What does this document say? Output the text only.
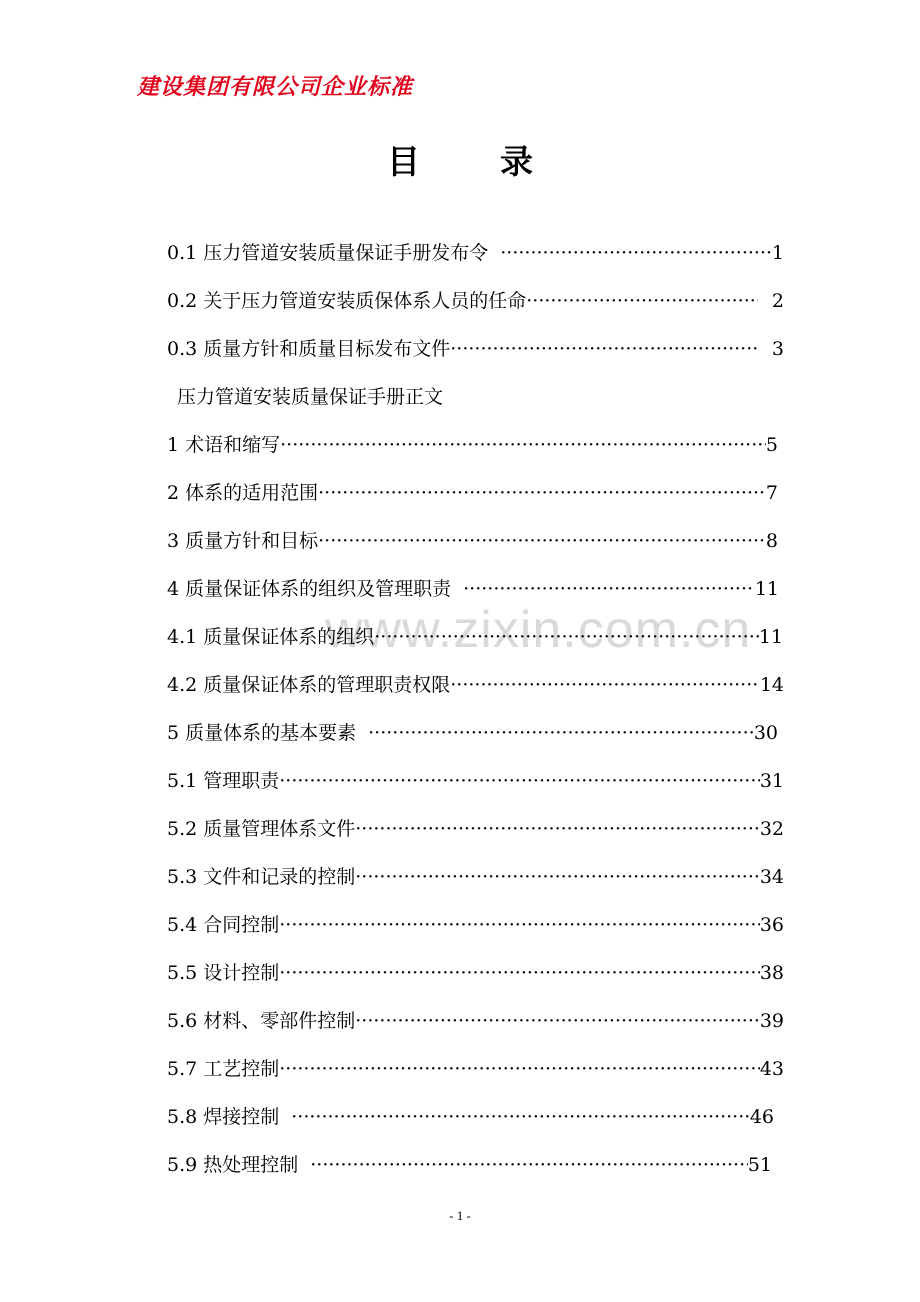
建设集团有限公司企业标准
目 录
www.zixin.com.cn
0.1 压力管道安装质量保证手册发布令 ·····	1
0.2 关于压力管道安装质保体系人员的任命 ·····	2
0.3 质量方针和质量目标发布文件 ·····	3
1 术语和缩写 ·····	5
2 体系的适用范围 ·····	7
3 质量方针和目标 ·····	8
4 质量保证体系的组织及管理职责 ·····	11
4.1 质量保证体系的组织 ·····	11
4.2 质量保证体系的管理职责权限 ·····	14
5 质量体系的基本要素 ·····	30
5.1 管理职责 ·····	31
5.2 质量管理体系文件 ·····	32
5.3 文件和记录的控制 ·····	34
5.4 合同控制 ·····	36
5.5 设计控制 ·····	38
5.6 材料、零部件控制 ·····	39
5.7 工艺控制 ·····	43
5.8 焊接控制 ·····	46
5.9 热处理控制 ·····	51
压力管道安装质量保证手册正文
- 1 -
